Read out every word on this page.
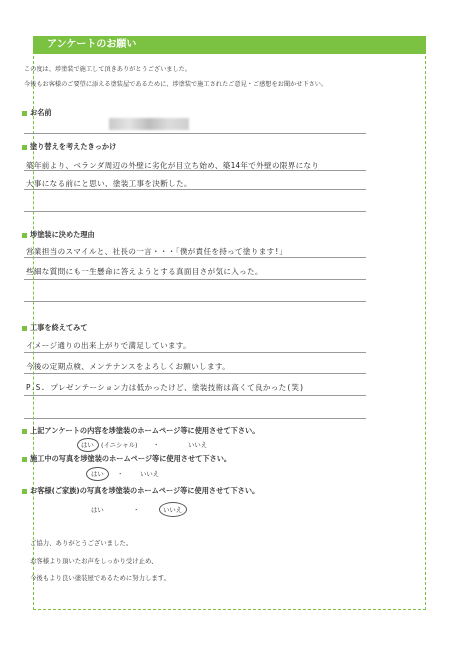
アンケートのお願い
この度は、埗塗装で施工して頂きありがとうございました。
今後もお客様のご要望に添える塗装屋であるために、埗塗装で施工されたご意見・ご感想をお聞かせ下さい。
お名前
塗り替えを考えたきっかけ
築年前より、ベランダ周辺の外壁に劣化が目立ち始め、築14年で外壁の限界になり
大事になる前にと思い、塗装工事を決断した。
埗塗装に決めた理由
営業担当のスマイルと、社長の一言・・・「僕が責任を持って塗ります!」
些細な質問にも一生懸命に答えようとする真面目さが気に入った。
工事を終えてみて
イメージ通りの出来上がりで満足しています。
今後の定期点検、メンテナンスをよろしくお願いします。
P.S. プレゼンテーション力は低かったけど、塗装技術は高くて良かった(笑)
上記アンケートの内容を埗塗装のホームページ等に使用させて下さい。
はい (イニシャル) ・	いいえ
施工中の写真を埗塗装のホームページ等に使用させて下さい。
はい ・	いいえ
お客様(ご家族)の写真を埗塗装のホームページ等に使用させて下さい。
はい	・	いいえ
ご協力、ありがとうございました。
お客様より頂いたお声をしっかり受け止め、
今後もより良い塗装屋であるために努力します。
